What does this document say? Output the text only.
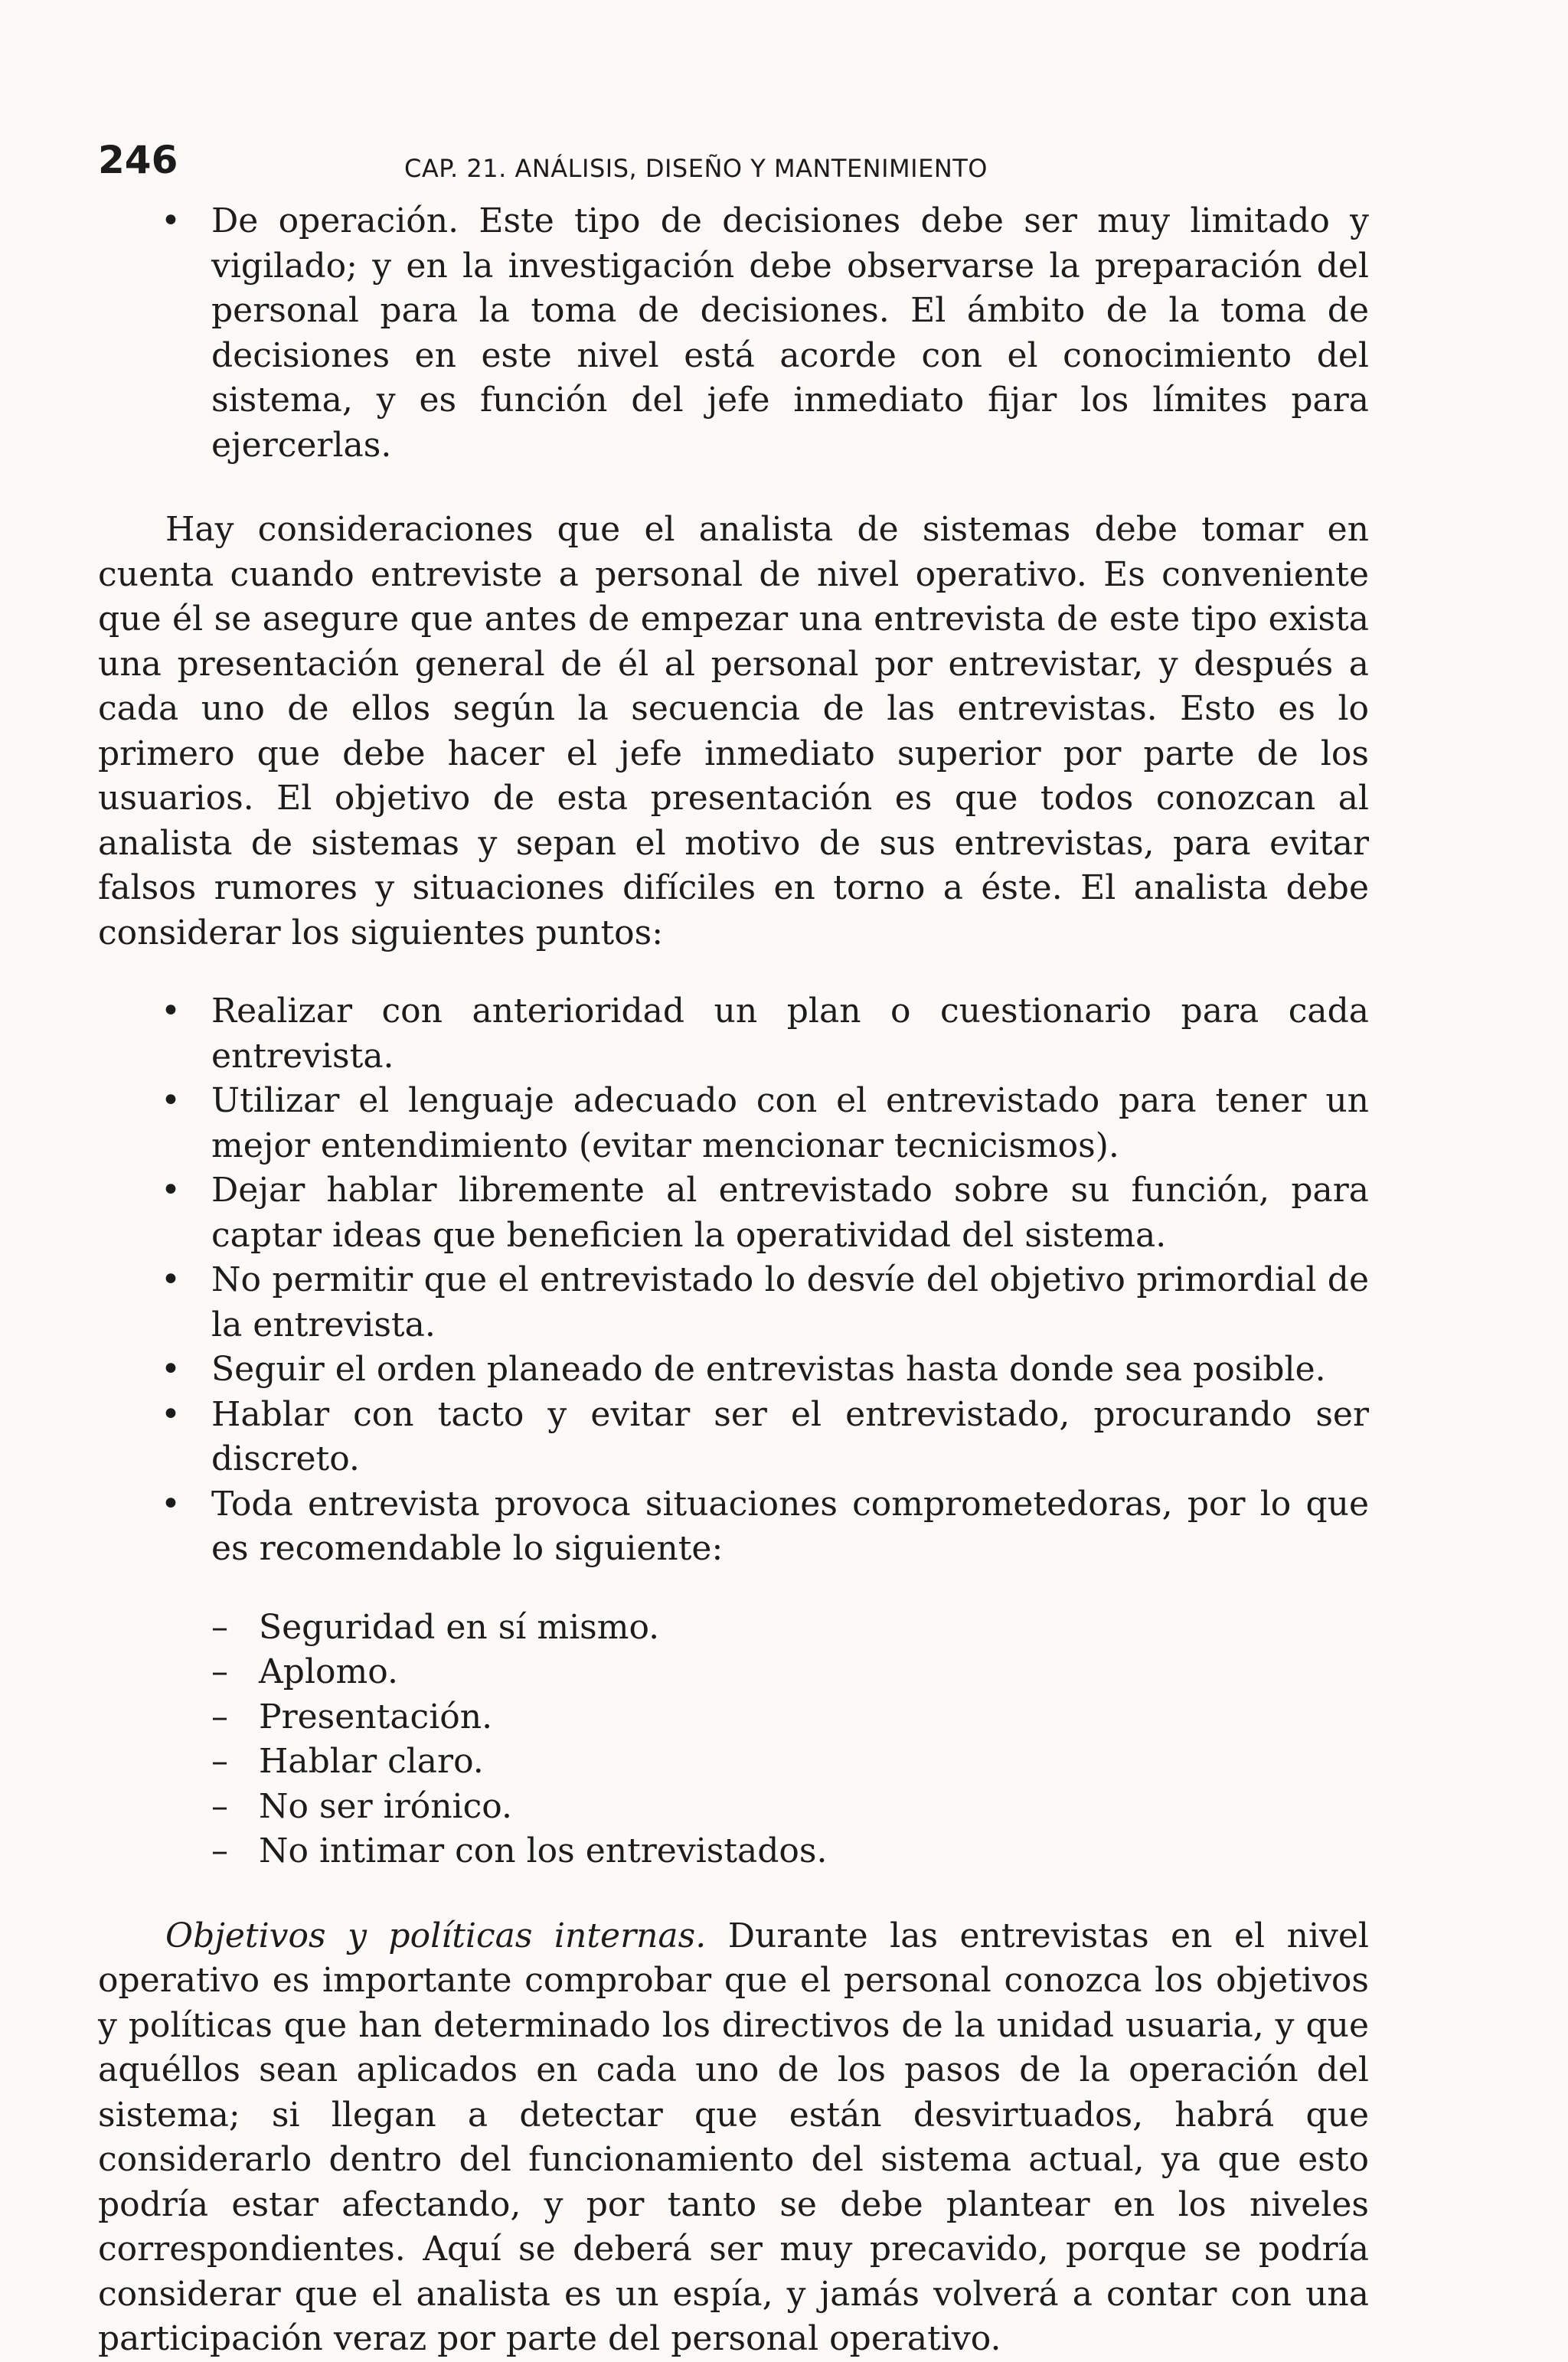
246	CAP. 21. ANÁLISIS, DISEÑO Y MANTENIMIENTO
• De operación. Este tipo de decisiones debe ser muy limitado y vigilado; y en la investigación debe observarse la preparación del personal para la toma de decisiones. El ámbito de la toma de decisiones en este nivel está acorde con el conocimiento del sistema, y es función del jefe inmediato fijar los límites para ejercerlas.

Hay consideraciones que el analista de sistemas debe tomar en cuenta cuando entreviste a personal de nivel operativo. Es conveniente que él se asegure que antes de empezar una entrevista de este tipo exista una presentación general de él al personal por entrevistar, y después a cada uno de ellos según la secuencia de las entrevistas. Esto es lo primero que debe hacer el jefe inmediato superior por parte de los usuarios. El objetivo de esta presentación es que todos conozcan al analista de sistemas y sepan el motivo de sus entrevistas, para evitar falsos rumores y situaciones difíciles en torno a éste. El analista debe considerar los siguientes puntos:

• Realizar con anterioridad un plan o cuestionario para cada entrevista.
• Utilizar el lenguaje adecuado con el entrevistado para tener un mejor entendimiento (evitar mencionar tecnicismos).
• Dejar hablar libremente al entrevistado sobre su función, para captar ideas que beneficien la operatividad del sistema.
• No permitir que el entrevistado lo desvíe del objetivo primordial de la entrevista.
• Seguir el orden planeado de entrevistas hasta donde sea posible.
• Hablar con tacto y evitar ser el entrevistado, procurando ser discreto.
• Toda entrevista provoca situaciones comprometedoras, por lo que es recomendable lo siguiente:
– Seguridad en sí mismo.
– Aplomo.
– Presentación.
– Hablar claro.
– No ser irónico.
– No intimar con los entrevistados.

Objetivos y políticas internas. Durante las entrevistas en el nivel operativo es importante comprobar que el personal conozca los objetivos y políticas que han determinado los directivos de la unidad usuaria, y que aquéllos sean aplicados en cada uno de los pasos de la operación del sistema; si llegan a detectar que están desvirtuados, habrá que considerarlo dentro del funcionamiento del sistema actual, ya que esto podría estar afectando, y por tanto se debe plantear en los niveles correspondientes. Aquí se deberá ser muy precavido, porque se podría considerar que el analista es un espía, y jamás volverá a contar con una participación veraz por parte del personal operativo.
